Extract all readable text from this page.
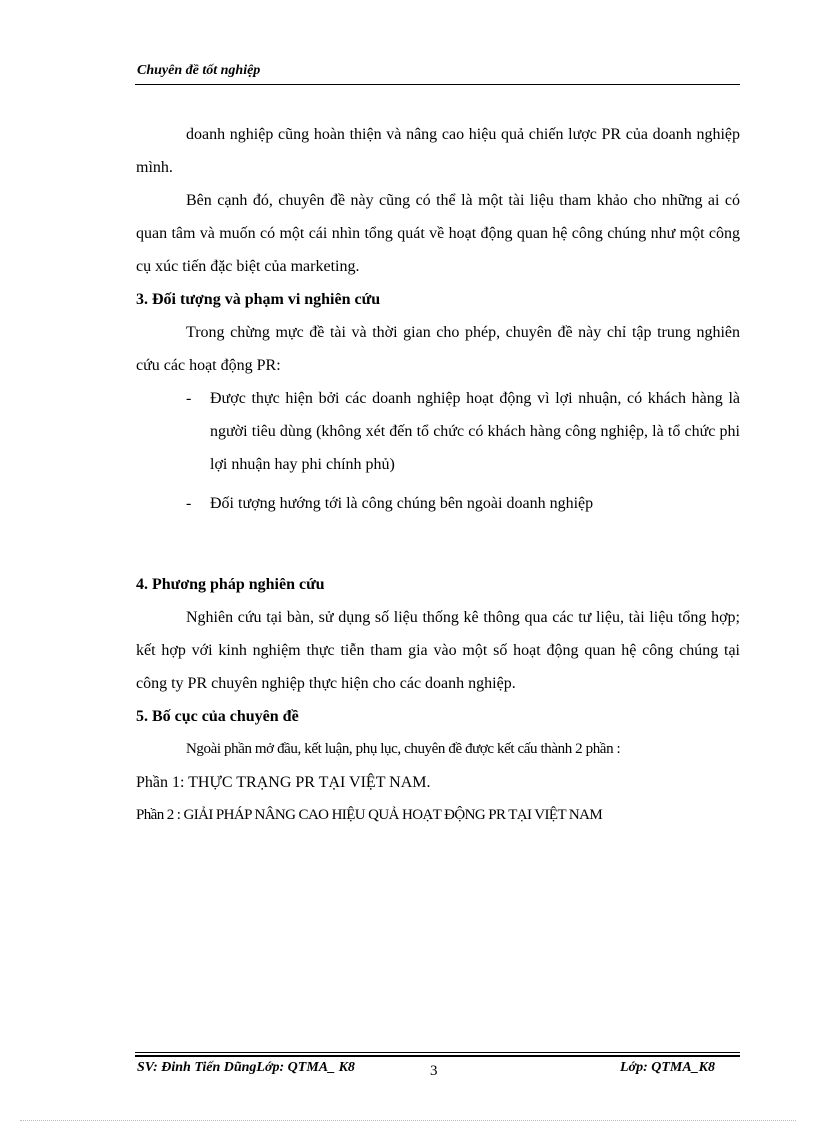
Chuyên đề tốt nghiệp

doanh nghiệp cũng hoàn thiện và nâng cao hiệu quả chiến lược PR của doanh nghiệp mình.

Bên cạnh đó, chuyên đề này cũng có thể là một tài liệu tham khảo cho những ai có quan tâm và muốn có một cái nhìn tổng quát về hoạt động quan hệ công chúng như một công cụ xúc tiến đặc biệt của marketing.

3. Đối tượng và phạm vi nghiên cứu

Trong chừng mực đề tài và thời gian cho phép, chuyên đề này chỉ tập trung nghiên cứu các hoạt động PR:

-	Được thực hiện bởi các doanh nghiệp hoạt động vì lợi nhuận, có khách hàng là người tiêu dùng (không xét đến tổ chức có khách hàng công nghiệp, là tổ chức phi lợi nhuận hay phi chính phủ)
-	Đối tượng hướng tới là công chúng bên ngoài doanh nghiệp

4. Phương pháp nghiên cứu

Nghiên cứu tại bàn, sử dụng số liệu thống kê thông qua các tư liệu, tài liệu tổng hợp; kết hợp với kinh nghiệm thực tiễn tham gia vào một số hoạt động quan hệ công chúng tại công ty PR chuyên nghiệp thực hiện cho các doanh nghiệp.

5. Bố cục của chuyên đề

Ngoài phần mở đầu, kết luận, phụ lục, chuyên đề được kết cấu thành 2 phần :

Phần 1: THỰC TRẠNG PR TẠI VIỆT NAM.

Phần 2 : GIẢI PHÁP NÂNG CAO HIỆU QUẢ HOẠT ĐỘNG PR TẠI VIỆT NAM

SV: Đinh Tiến DũngLớp: QTMA_ K8	3	Lớp: QTMA_K8
